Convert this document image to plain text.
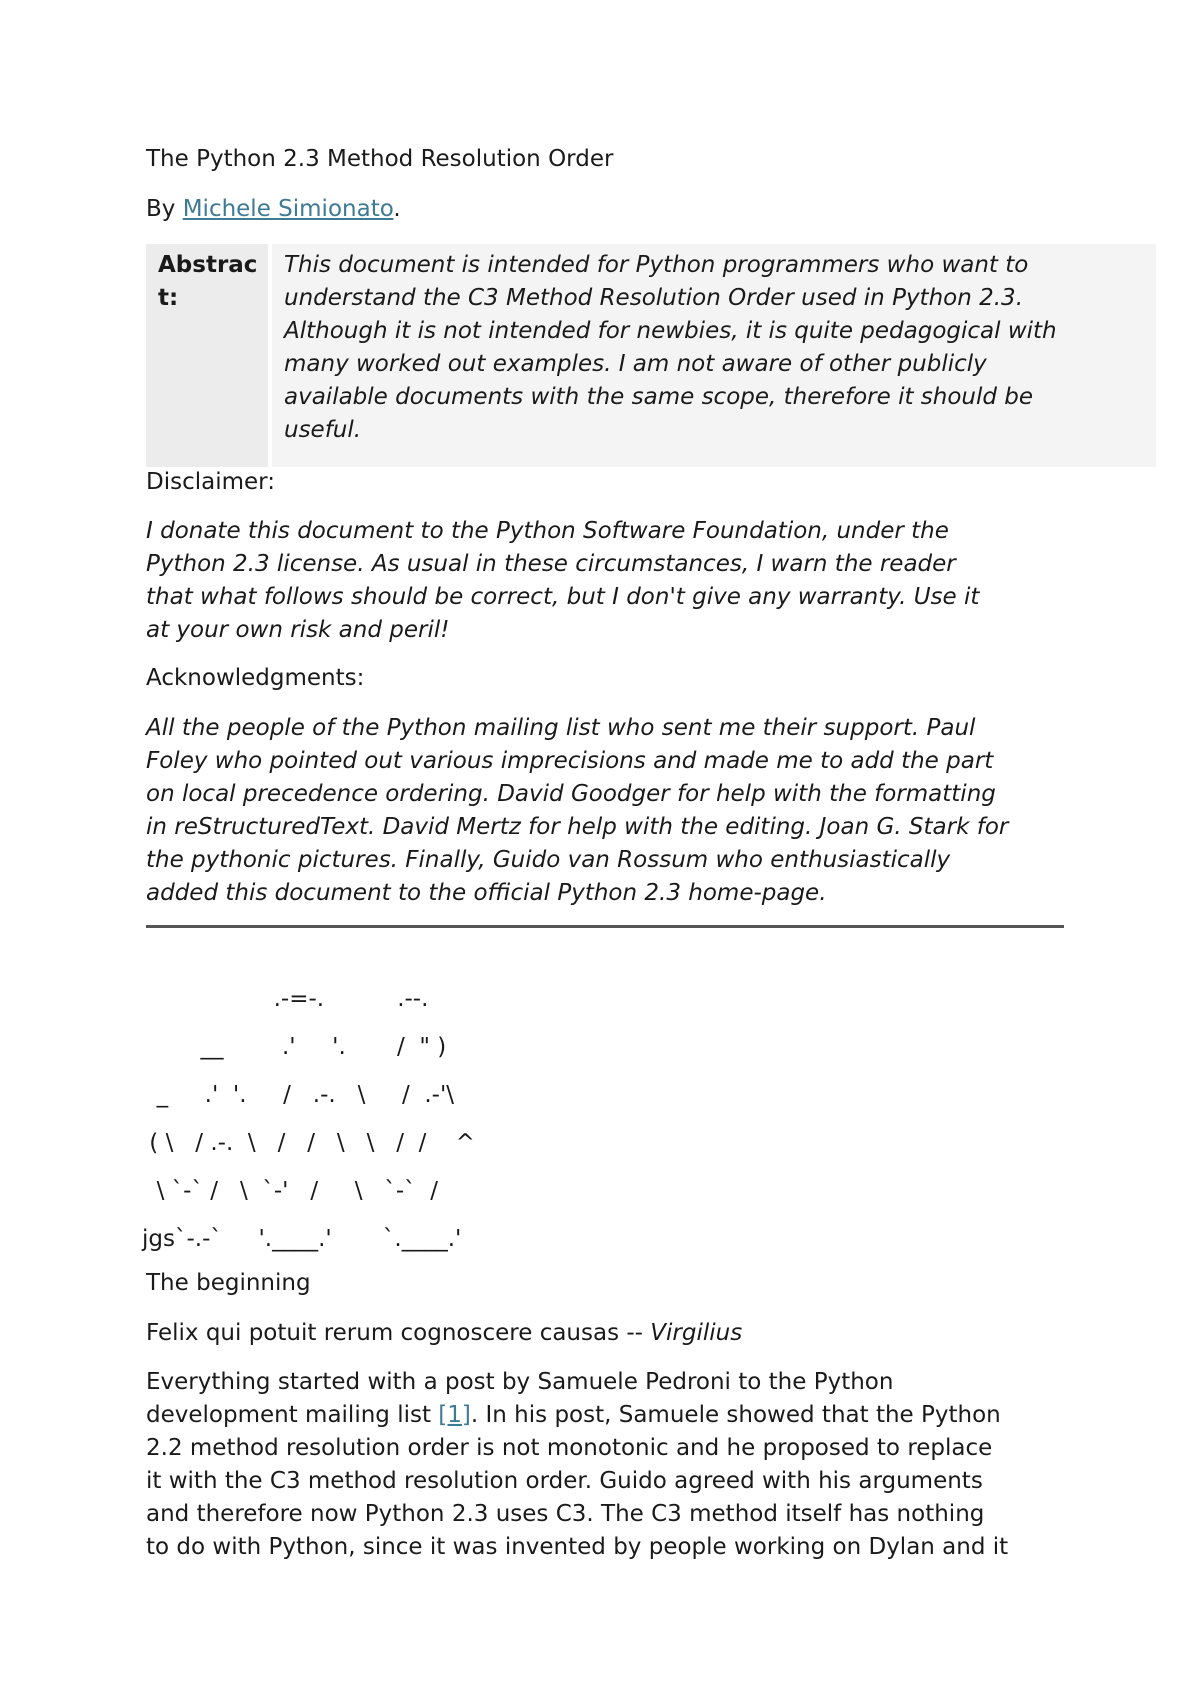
The Python 2.3 Method Resolution Order
By Michele Simionato.
Abstract:
This document is intended for Python programmers who want to
understand the C3 Method Resolution Order used in Python 2.3.
Although it is not intended for newbies, it is quite pedagogical with
many worked out examples. I am not aware of other publicly
available documents with the same scope, therefore it should be
useful.
Disclaimer:
I donate this document to the Python Software Foundation, under the
Python 2.3 license. As usual in these circumstances, I warn the reader
that what follows should be correct, but I don't give any warranty. Use it
at your own risk and peril!
Acknowledgments:
All the people of the Python mailing list who sent me their support. Paul
Foley who pointed out various imprecisions and made me to add the part
on local precedence ordering. David Goodger for help with the formatting
in reStructuredText. David Mertz for help with the editing. Joan G. Stark for
the pythonic pictures. Finally, Guido van Rossum who enthusiastically
added this document to the official Python 2.3 home-page.
.-=-.          .--.
__        .'     '.       /  " )
_     .'  '.     /   .-.   \     /  .-'\
( \   / .-.  \   /   /   \   \   /  /    ^
\ `-` /   \  `-'   /     \   `-`  /
jgs`-.-`     '.____.'       `.____.'
The beginning
Felix qui potuit rerum cognoscere causas -- Virgilius
Everything started with a post by Samuele Pedroni to the Python
development mailing list [1]. In his post, Samuele showed that the Python
2.2 method resolution order is not monotonic and he proposed to replace
it with the C3 method resolution order. Guido agreed with his arguments
and therefore now Python 2.3 uses C3. The C3 method itself has nothing
to do with Python, since it was invented by people working on Dylan and it
